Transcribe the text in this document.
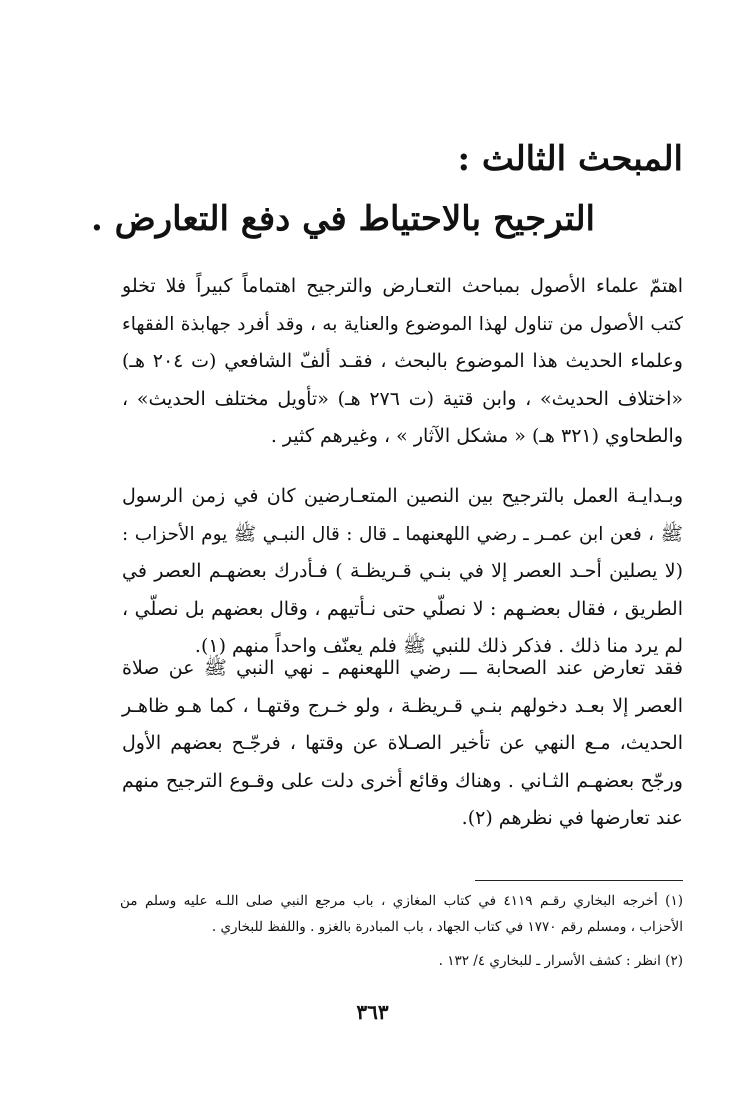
المبحث الثالث :
الترجيح بالاحتياط في دفع التعارض .
اهتمّ علماء الأصول بمباحث التعـارض والترجيح اهتماماً كبيراً فلا تخلو
كتب الأصول من تناول لهذا الموضوع والعناية به ، وقد أفرد جهابذة الفقهاء
وعلماء الحديث هذا الموضوع بالبحث ، فقـد ألفّ الشافعي (ت ٢٠٤ هـ)
«اختلاف الحديث» ، وابن قتية (ت ٢٧٦ هـ) «تأويل مختلف الحديث» ،
والطحاوي (٣٢١ هـ) « مشكل الآثار » ، وغيرهم كثير .
وبـدايـة العمل بالترجيح بين النصين المتعـارضين كان في زمن الرسول
ﷺ ، فعن ابن عمـر ـ رضي اللهعنهما ـ قال : قال النبـي ﷺ يوم الأحزاب :
(لا يصلين أحـد العصر إلا في بنـي قـريظـة ) فـأدرك بعضهـم العصر في
الطريق ، فقال بعضـهم : لا نصلّي حتى نـأتيهم ، وقال بعضهم بل نصلّي ،
لم يرد منا ذلك . فذكر ذلك للنبي ﷺ فلم يعنّف واحداً منهم (١).
فقد تعارض عند الصحابة ـــ رضي اللهعنهم ـ نهي النبي ﷺ عن صلاة
العصر إلا بعـد دخولهم بنـي قـريظـة ، ولو خـرج وقتهـا ، كما هـو ظاهـر
الحديث، مـع النهي عن تأخير الصـلاة عن وقتها ، فرجّـح بعضهم الأول
ورجّح بعضهـم الثـاني . وهناك وقائع أخرى دلت على وقـوع الترجيح منهم
عند تعارضها في نظرهم (٢).
(١) أخرجه البخاري رقـم ٤١١٩ في كتاب المغازي ، باب مرجع النبي صلى اللـه عليه وسلم من
الأحزاب ، ومسلم رقم ١٧٧٠ في كتاب الجهاد ، باب المبادرة بالغزو . واللفظ للبخاري .
(٢) انظر : كشف الأسرار ـ للبخاري ٤/ ١٣٢ .
٣٦٣
